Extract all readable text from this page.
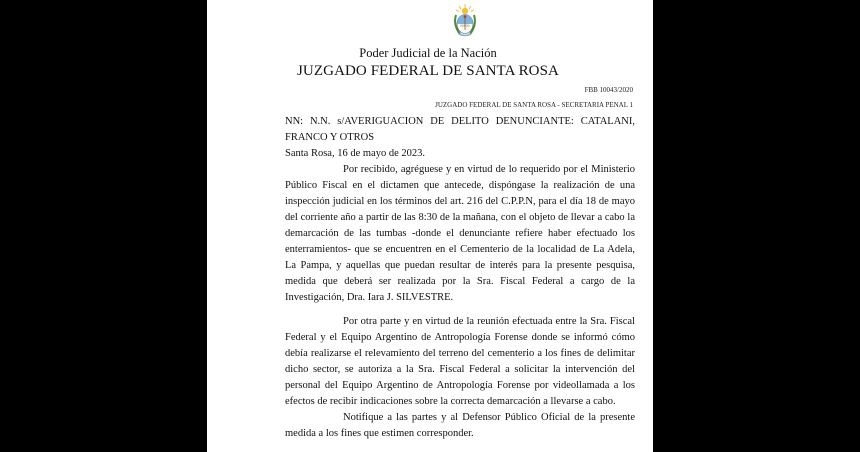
Poder Judicial de la Nación
JUZGADO FEDERAL DE SANTA ROSA
FBB 10043/2020
JUZGADO FEDERAL DE SANTA ROSA - SECRETARIA PENAL 1

NN: N.N. s/AVERIGUACION DE DELITO DENUNCIANTE: CATALANI, FRANCO Y OTROS

Santa Rosa, 16 de mayo de 2023.

Por recibido, agréguese y en virtud de lo requerido por el Ministerio Público Fiscal en el dictamen que antecede, dispóngase la realización de una inspección judicial en los términos del art. 216 del C.P.P.N, para el día 18 de mayo del corriente año a partir de las 8:30 de la mañana, con el objeto de llevar a cabo la demarcación de las tumbas -donde el denunciante refiere haber efectuado los enterramientos- que se encuentren en el Cementerio de la localidad de La Adela, La Pampa, y aquellas que puedan resultar de interés para la presente pesquisa, medida que deberá ser realizada por la Sra. Fiscal Federal a cargo de la Investigación, Dra. Iara J. SILVESTRE.

Por otra parte y en virtud de la reunión efectuada entre la Sra. Fiscal Federal y el Equipo Argentino de Antropología Forense donde se informó cómo debía realizarse el relevamiento del terreno del cementerio a los fines de delimitar dicho sector, se autoriza a la Sra. Fiscal Federal a solicitar la intervención del personal del Equipo Argentino de Antropología Forense por videollamada a los efectos de recibir indicaciones sobre la correcta demarcación a llevarse a cabo.

Notifique a las partes y al Defensor Público Oficial de la presente medida a los fines que estimen corresponder.
